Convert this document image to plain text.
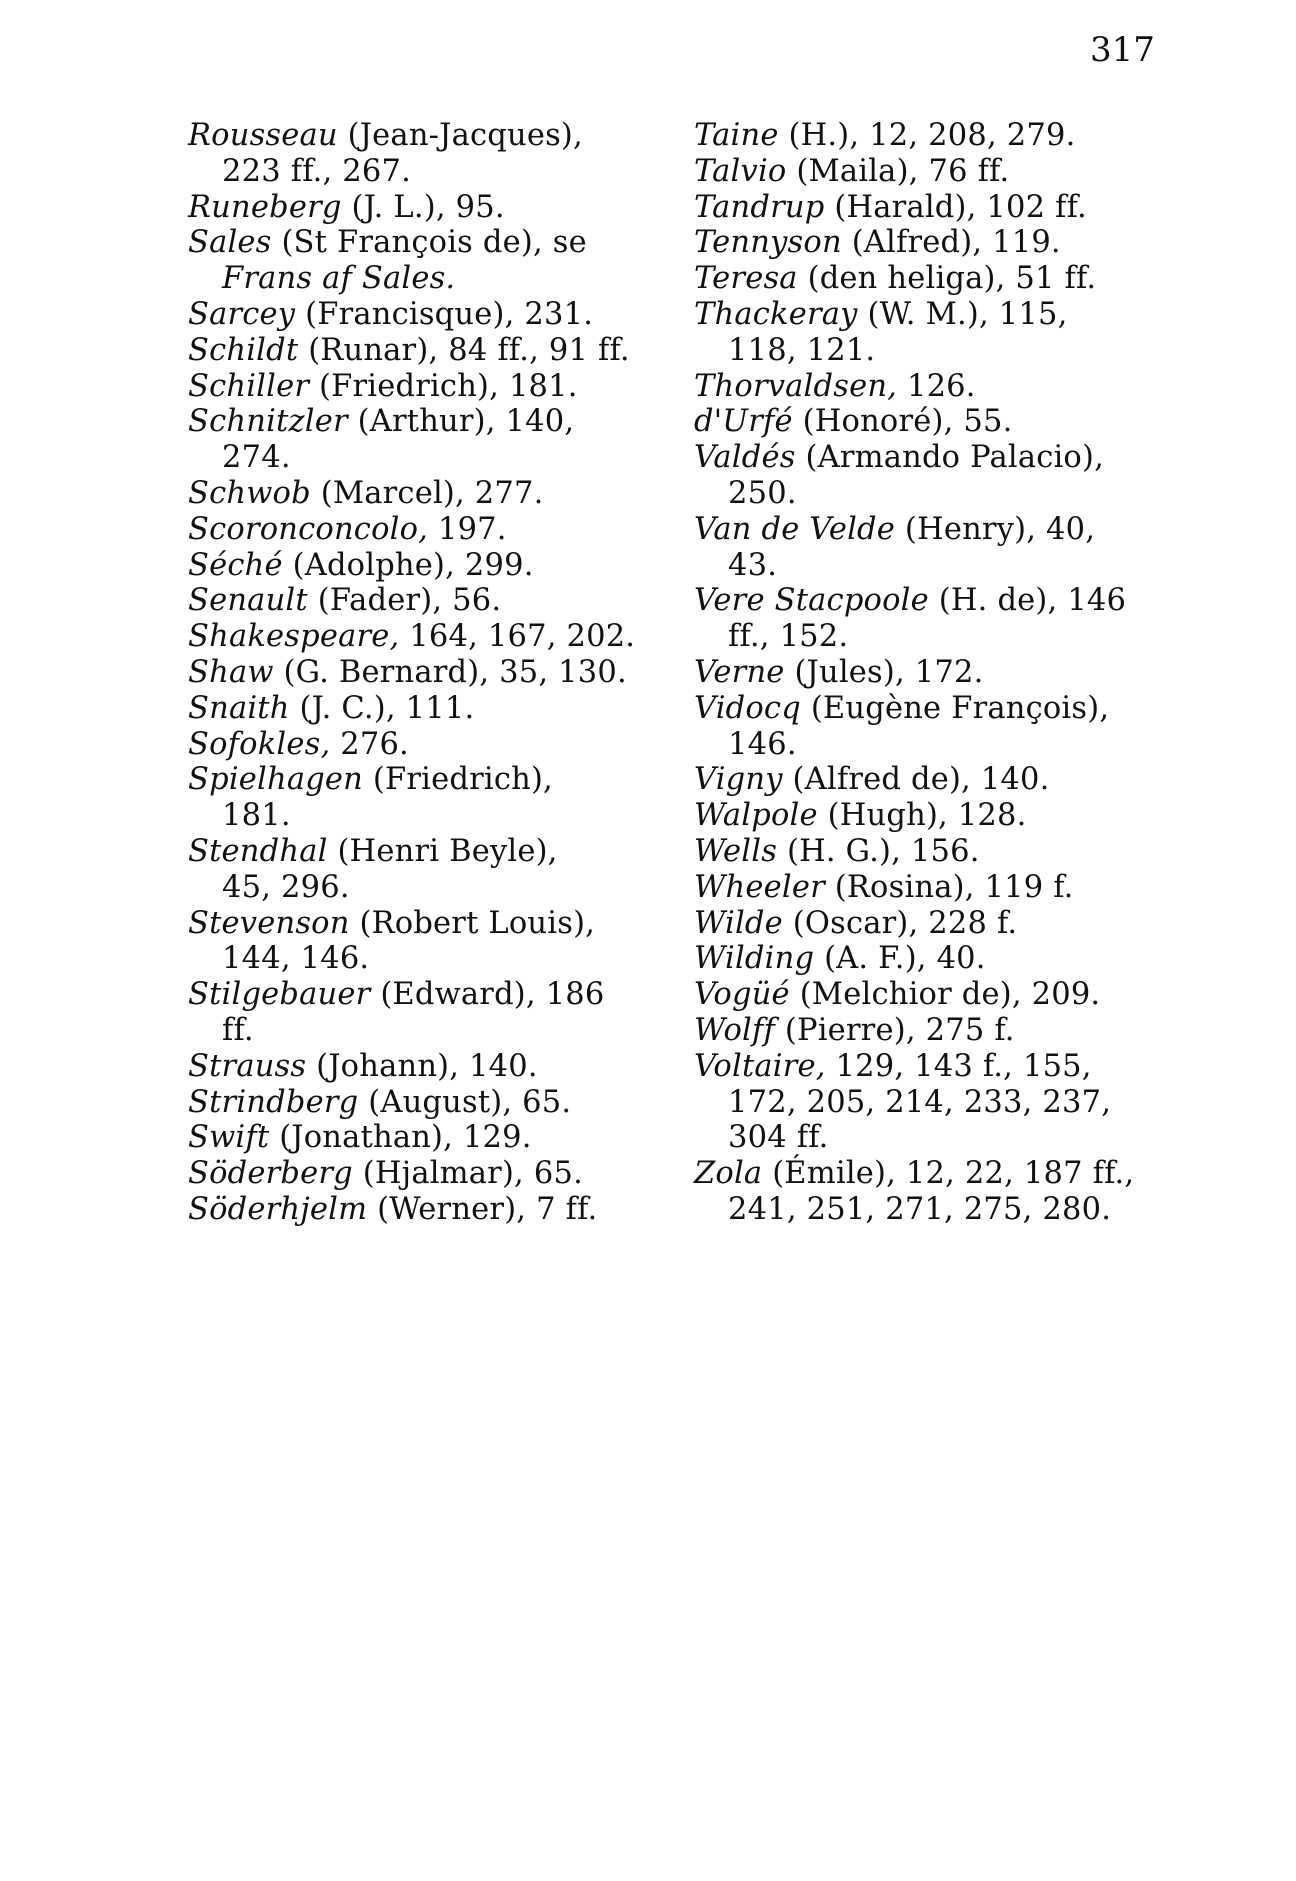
317
Rousseau (Jean-Jacques),
223 ff., 267.
Runeberg (J. L.), 95.
Sales (St François de), se
Frans af Sales.
Sarcey (Francisque), 231.
Schildt (Runar), 84 ff., 91 ff.
Schiller (Friedrich), 181.
Schnitzler (Arthur), 140,
274.
Schwob (Marcel), 277.
Scoronconcolo, 197.
Séché (Adolphe), 299.
Senault (Fader), 56.
Shakespeare, 164, 167, 202.
Shaw (G. Bernard), 35, 130.
Snaith (J. C.), 111.
Sofokles, 276.
Spielhagen (Friedrich),
181.
Stendhal (Henri Beyle),
45, 296.
Stevenson (Robert Louis),
144, 146.
Stilgebauer (Edward), 186
ff.
Strauss (Johann), 140.
Strindberg (August), 65.
Swift (Jonathan), 129.
Söderberg (Hjalmar), 65.
Söderhjelm (Werner), 7 ff.
Taine (H.), 12, 208, 279.
Talvio (Maila), 76 ff.
Tandrup (Harald), 102 ff.
Tennyson (Alfred), 119.
Teresa (den heliga), 51 ff.
Thackeray (W. M.), 115,
118, 121.
Thorvaldsen, 126.
d'Urfé (Honoré), 55.
Valdés (Armando Palacio),
250.
Van de Velde (Henry), 40,
43.
Vere Stacpoole (H. de), 146
ff., 152.
Verne (Jules), 172.
Vidocq (Eugène François),
146.
Vigny (Alfred de), 140.
Walpole (Hugh), 128.
Wells (H. G.), 156.
Wheeler (Rosina), 119 f.
Wilde (Oscar), 228 f.
Wilding (A. F.), 40.
Vogüé (Melchior de), 209.
Wolff (Pierre), 275 f.
Voltaire, 129, 143 f., 155,
172, 205, 214, 233, 237,
304 ff.
Zola (Émile), 12, 22, 187 ff.,
241, 251, 271, 275, 280.
